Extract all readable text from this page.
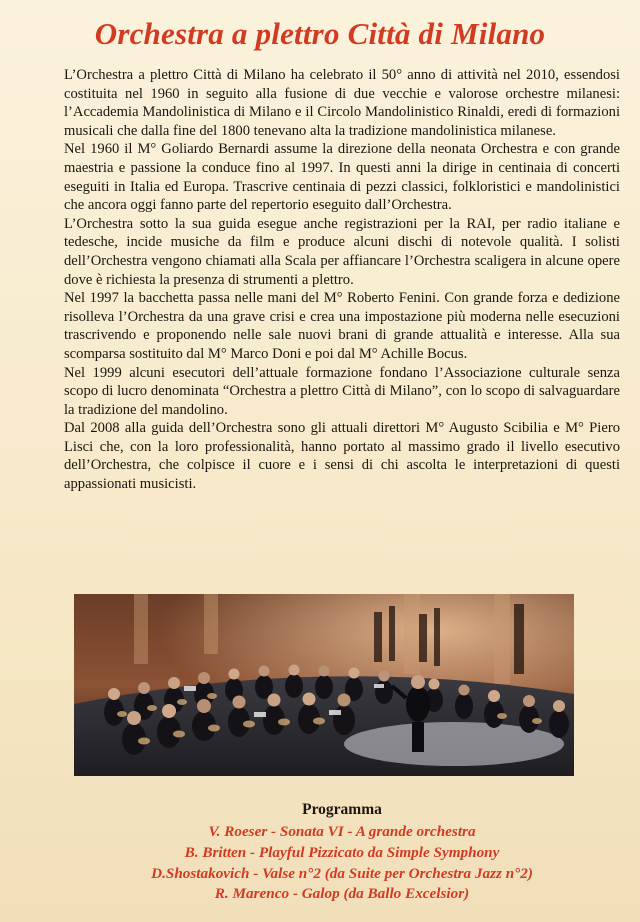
Orchestra a plettro Città di Milano

L’Orchestra a plettro Città di Milano ha celebrato il 50° anno di attività nel 2010, essendosi costituita nel 1960 in seguito alla fusione di due vecchie e valorose orchestre milanesi: l’Accademia Mandolinistica di Milano e il Circolo Mandolinistico Rinaldi, eredi di formazioni musicali che dalla fine del 1800 tenevano alta la tradizione mandolinistica milanese.

Nel 1960 il M° Goliardo Bernardi assume la direzione della neonata Orchestra e con grande maestria e passione la conduce fino al 1997. In questi anni la dirige in centinaia di concerti eseguiti in Italia ed Europa. Trascrive centinaia di pezzi classici, folkloristici e mandolinistici che ancora oggi fanno parte del repertorio eseguito dall’Orchestra.

L’Orchestra sotto la sua guida esegue anche registrazioni per la RAI, per radio italiane e tedesche, incide musiche da film e produce alcuni dischi di notevole qualità. I solisti dell’Orchestra vengono chiamati alla Scala per affiancare l’Orchestra scaligera in alcune opere dove è richiesta la presenza di strumenti a plettro.

Nel 1997 la bacchetta passa nelle mani del M° Roberto Fenini. Con grande forza e dedizione risolleva l’Orchestra da una grave crisi e crea una impostazione più moderna nelle esecuzioni trascrivendo e proponendo nelle sale nuovi brani di grande attualità e interesse. Alla sua scomparsa sostituito dal M° Marco Doni e poi dal M° Achille Bocus.

Nel 1999 alcuni esecutori dell’attuale formazione fondano l’Associazione culturale senza scopo di lucro denominata “Orchestra a plettro Città di Milano”, con lo scopo di salvaguardare la tradizione del mandolino.

Dal 2008 alla guida dell’Orchestra sono gli attuali direttori M° Augusto Scibilia e M° Piero Lisci che, con la loro professionalità, hanno portato al massimo grado il livello esecutivo dell’Orchestra, che colpisce il cuore e i sensi di chi ascolta le interpretazioni di questi appassionati musicisti.

Programma
V. Roeser - Sonata VI - A grande orchestra
B. Britten - Playful Pizzicato da Simple Symphony
D.Shostakovich - Valse n°2 (da Suite per Orchestra Jazz n°2)
R. Marenco - Galop (da Ballo Excelsior)
